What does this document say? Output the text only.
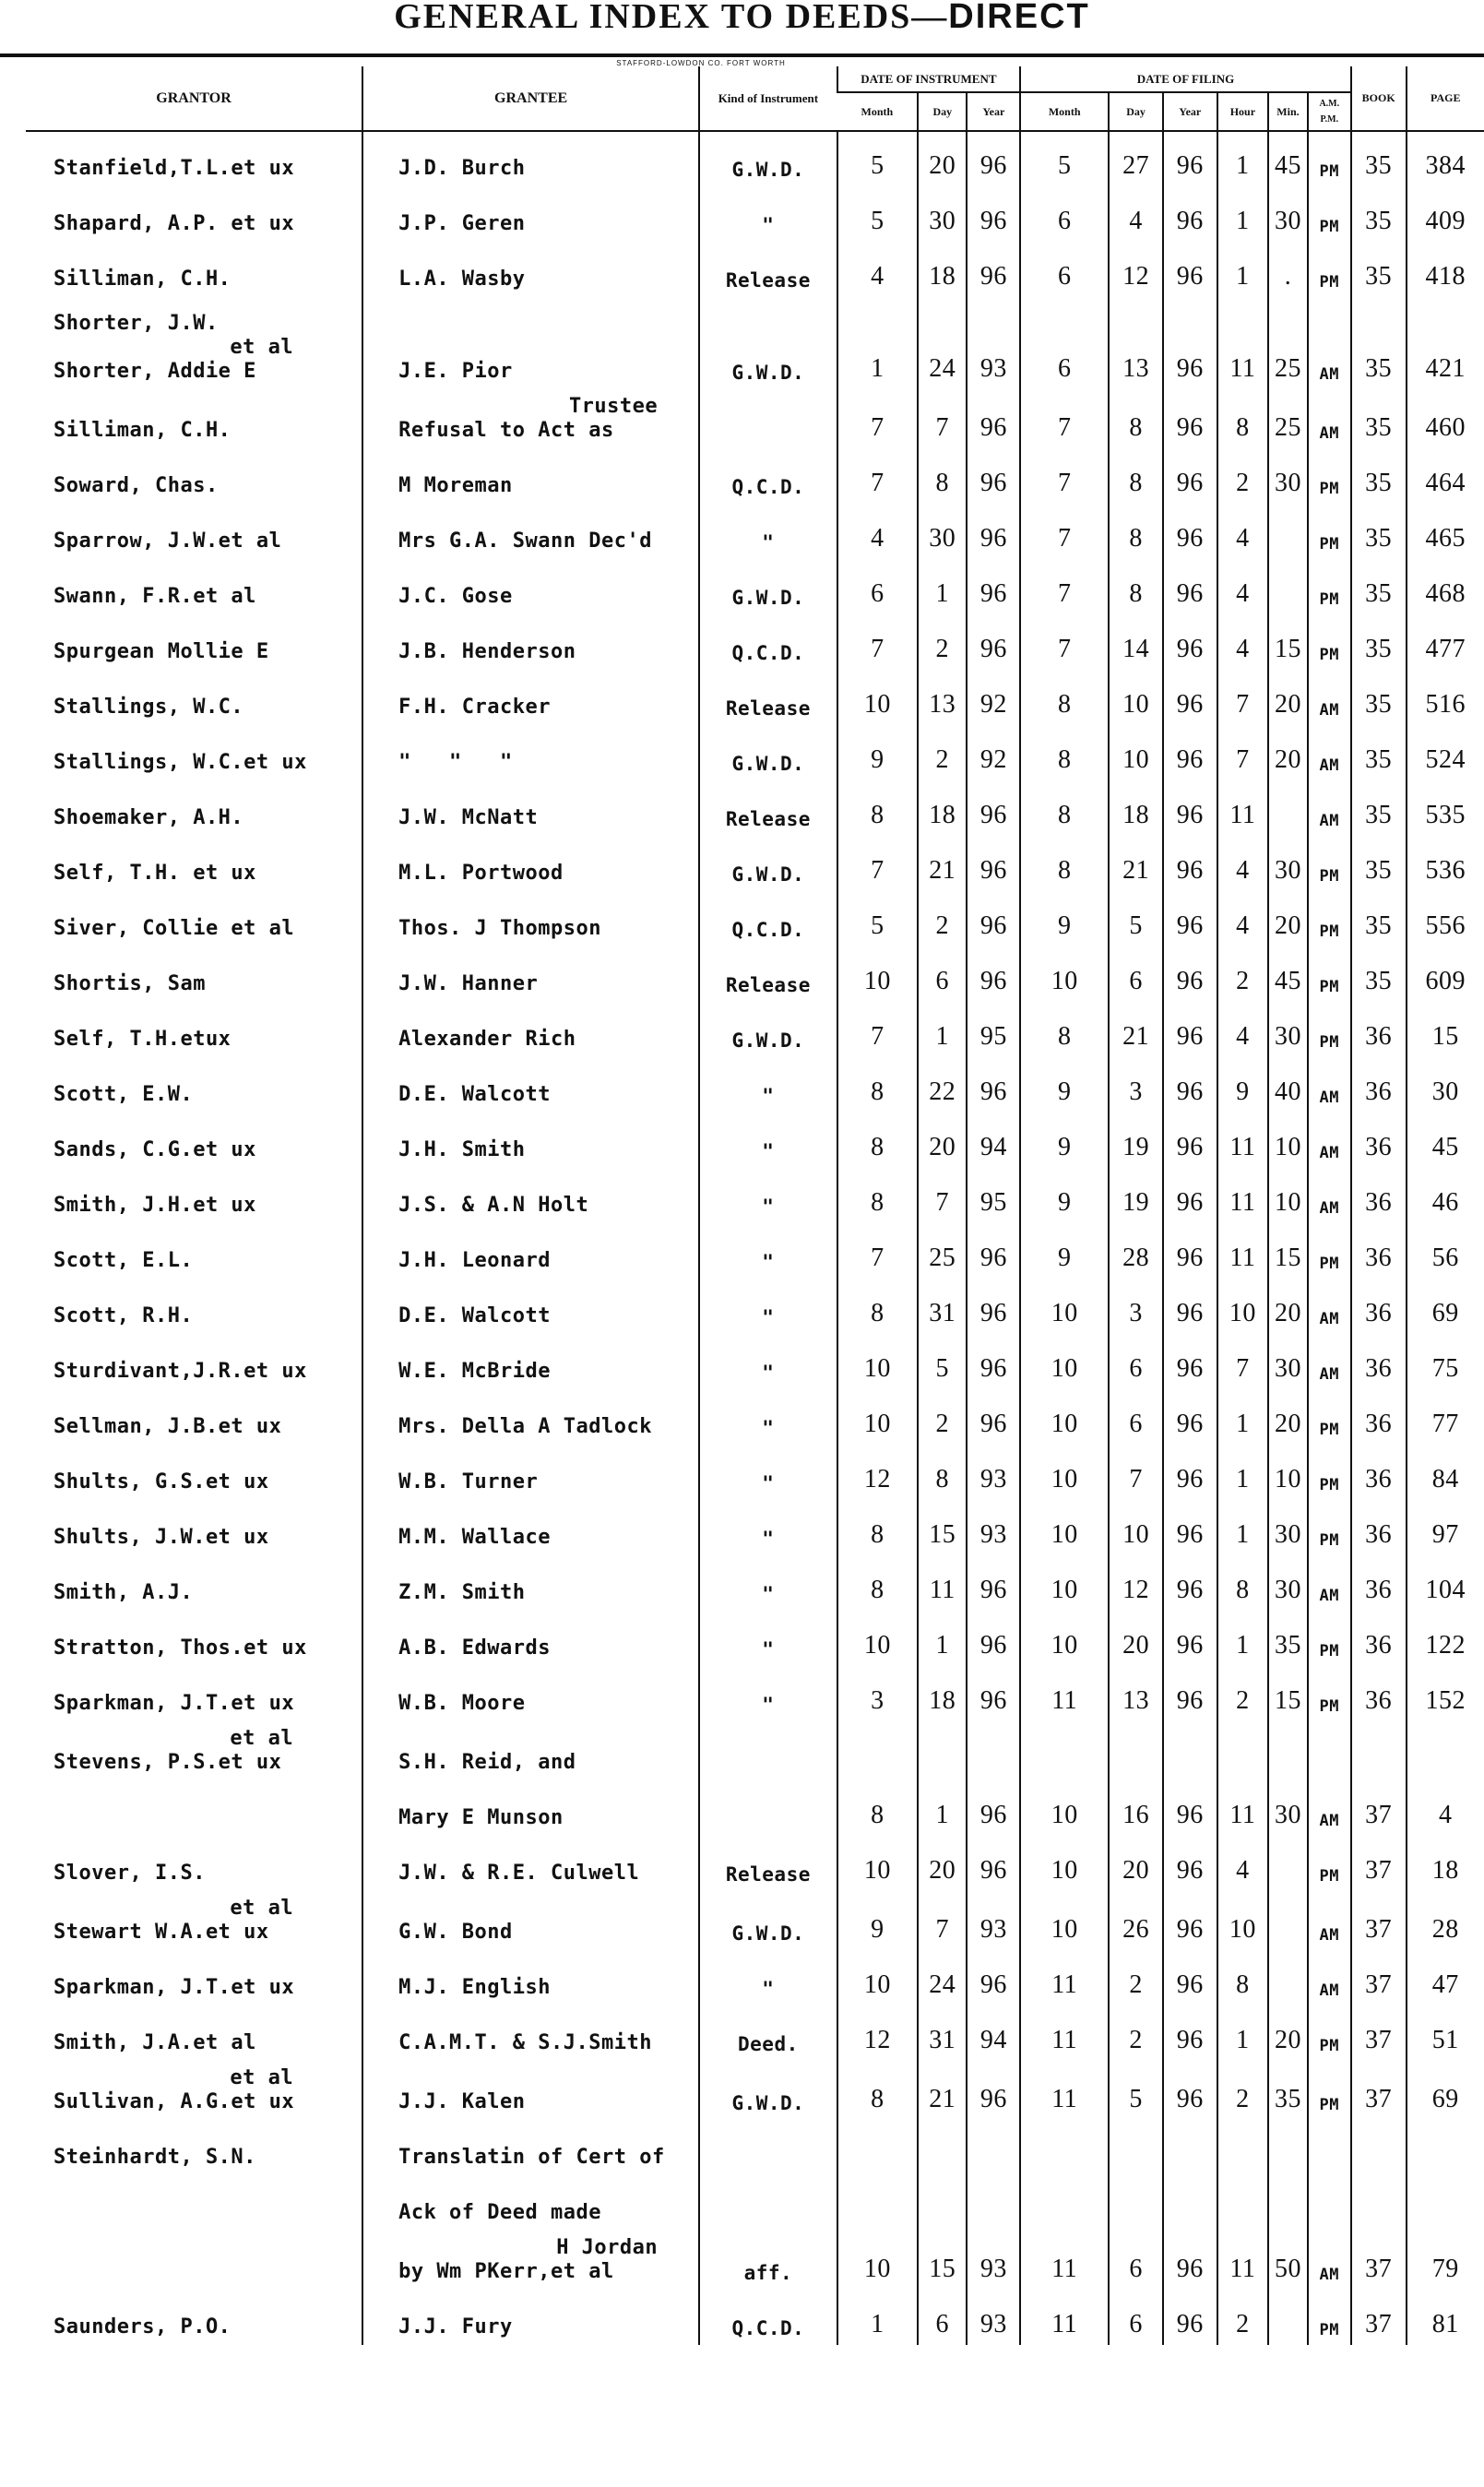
GENERAL INDEX TO DEEDS—DIRECT
STAFFORD-LOWDON CO. FORT WORTH
GRANTOR	GRANTEE	Kind of Instrument	DATE OF INSTRUMENT			DATE OF FILING						BOOK	PAGE
			Month	Day	Year	Month	Day	Year	Hour	Min.	A.M. P.M.		

Stanfield,T.L.et ux	J.D. Burch	G.W.D.	5	20	96	5	27	96	1	45	PM	35	384

Shapard, A.P. et ux	J.P. Geren	"	5	30	96	6	4	96	1	30	PM	35	409

Silliman, C.H.	L.A. Wasby	Release	4	18	96	6	12	96	1	.	PM	35	418

Shorter, J.W.
et al
Shorter, Addie E	J.E. Pior	G.W.D.	1	24	93	6	13	96	11	25	AM	35	421

Silliman, C.H.	Trustee
Refusal to Act as		7	7	96	7	8	96	8	25	AM	35	460

Soward, Chas.	M Moreman	Q.C.D.	7	8	96	7	8	96	2	30	PM	35	464

Sparrow, J.W.et al	Mrs G.A. Swann Dec'd	"	4	30	96	7	8	96	4		PM	35	465

Swann, F.R.et al	J.C. Gose	G.W.D.	6	1	96	7	8	96	4		PM	35	468

Spurgean Mollie E	J.B. Henderson	Q.C.D.	7	2	96	7	14	96	4	15	PM	35	477

Stallings, W.C.	F.H. Cracker	Release	10	13	92	8	10	96	7	20	AM	35	516

Stallings, W.C.et ux	"   "   "	G.W.D.	9	2	92	8	10	96	7	20	AM	35	524

Shoemaker, A.H.	J.W. McNatt	Release	8	18	96	8	18	96	11		AM	35	535

Self, T.H. et ux	M.L. Portwood	G.W.D.	7	21	96	8	21	96	4	30	PM	35	536

Siver, Collie et al	Thos. J Thompson	Q.C.D.	5	2	96	9	5	96	4	20	PM	35	556

Shortis, Sam	J.W. Hanner	Release	10	6	96	10	6	96	2	45	PM	35	609

Self, T.H.etux	Alexander Rich	G.W.D.	7	1	95	8	21	96	4	30	PM	36	15

Scott, E.W.	D.E. Walcott	"	8	22	96	9	3	96	9	40	AM	36	30

Sands, C.G.et ux	J.H. Smith	"	8	20	94	9	19	96	11	10	AM	36	45

Smith, J.H.et ux	J.S. & A.N Holt	"	8	7	95	9	19	96	11	10	AM	36	46

Scott, E.L.	J.H. Leonard	"	7	25	96	9	28	96	11	15	PM	36	56

Scott, R.H.	D.E. Walcott	"	8	31	96	10	3	96	10	20	AM	36	69

Sturdivant,J.R.et ux	W.E. McBride	"	10	5	96	10	6	96	7	30	AM	36	75

Sellman, J.B.et ux	Mrs. Della A Tadlock	"	10	2	96	10	6	96	1	20	PM	36	77

Shults, G.S.et ux	W.B. Turner	"	12	8	93	10	7	96	1	10	PM	36	84

Shults, J.W.et ux	M.M. Wallace	"	8	15	93	10	10	96	1	30	PM	36	97

Smith, A.J.	Z.M. Smith	"	8	11	96	10	12	96	8	30	AM	36	104

Stratton, Thos.et ux	A.B. Edwards	"	10	1	96	10	20	96	1	35	PM	36	122

Sparkman, J.T.et ux	W.B. Moore	"	3	18	96	11	13	96	2	15	PM	36	152

et al
Stevens, P.S.et ux	S.H. Reid, and												

	Mary E Munson		8	1	96	10	16	96	11	30	AM	37	4

Slover, I.S.	J.W. & R.E. Culwell	Release	10	20	96	10	20	96	4		PM	37	18

et al
Stewart W.A.et ux	G.W. Bond	G.W.D.	9	7	93	10	26	96	10		AM	37	28

Sparkman, J.T.et ux	M.J. English	"	10	24	96	11	2	96	8		AM	37	47

Smith, J.A.et al	C.A.M.T. & S.J.Smith	Deed.	12	31	94	11	2	96	1	20	PM	37	51

et al
Sullivan, A.G.et ux	J.J. Kalen	G.W.D.	8	21	96	11	5	96	2	35	PM	37	69

Steinhardt, S.N.	Translatin of Cert of												

	Ack of Deed made												

	H Jordan
by Wm PKerr,et al	aff.	10	15	93	11	6	96	11	50	AM	37	79

Saunders, P.O.	J.J. Fury	Q.C.D.	1	6	93	11	6	96	2		PM	37	81
